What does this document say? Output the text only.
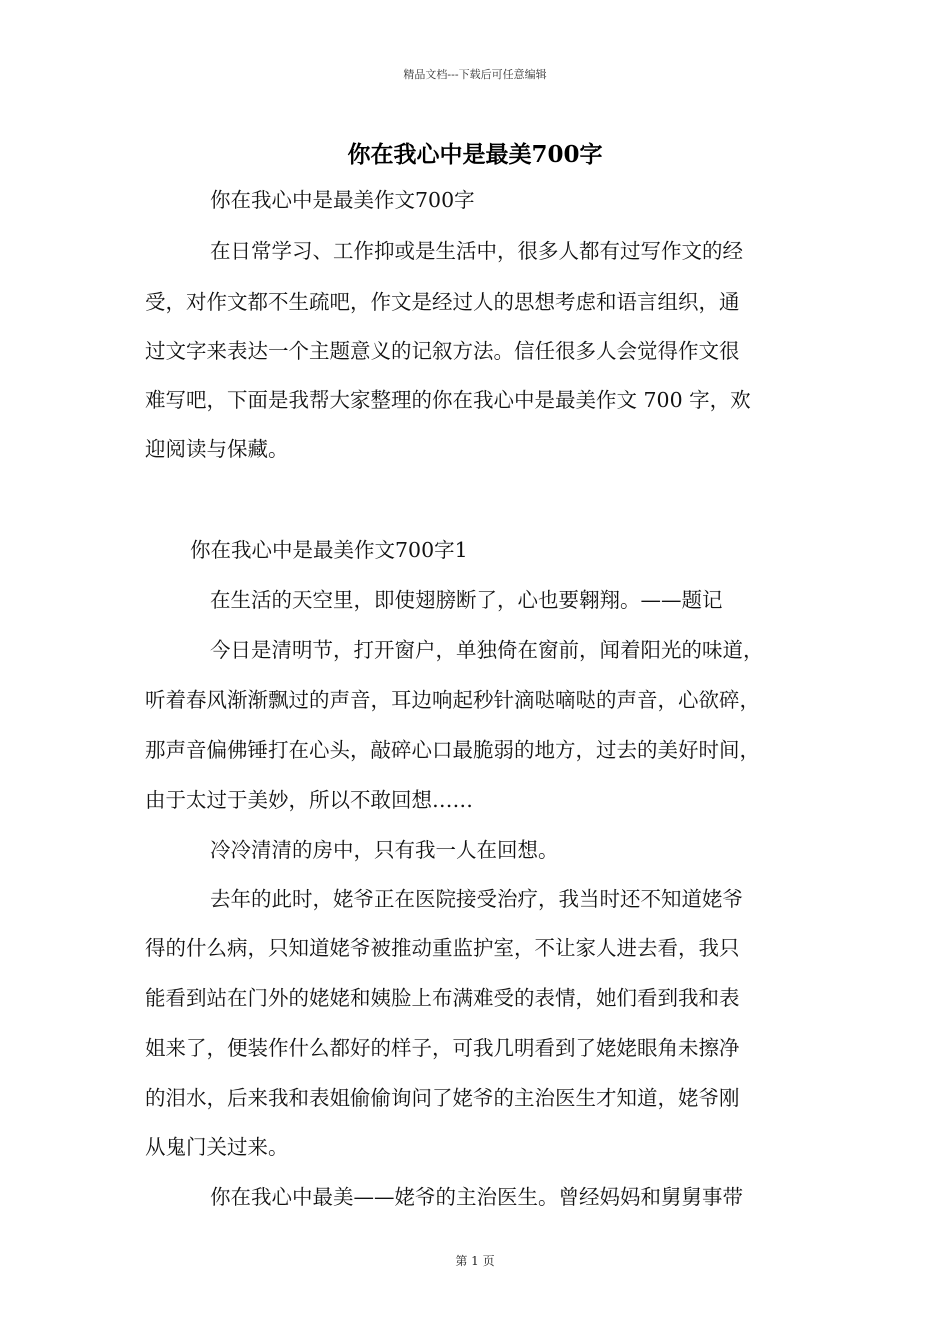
精品文档---下载后可任意编辑
你在我心中是最美700字
你在我心中是最美作文700字
在日常学习、工作抑或是生活中，很多人都有过写作文的经
受，对作文都不生疏吧，作文是经过人的思想考虑和语言组织，通
过文字来表达一个主题意义的记叙方法。信任很多人会觉得作文很
难写吧，下面是我帮大家整理的你在我心中是最美作文 700 字，欢
迎阅读与保藏。
你在我心中是最美作文700字1
在生活的天空里，即使翅膀断了，心也要翱翔。——题记
今日是清明节，打开窗户，单独倚在窗前，闻着阳光的味道，
听着春风渐渐飘过的声音，耳边响起秒针滴哒嘀哒的声音，心欲碎，
那声音偏佛锤打在心头，敲碎心口最脆弱的地方，过去的美好时间，
由于太过于美妙，所以不敢回想……
冷冷清清的房中，只有我一人在回想。
去年的此时，姥爷正在医院接受治疗，我当时还不知道姥爷
得的什么病，只知道姥爷被推动重监护室，不让家人进去看，我只
能看到站在门外的姥姥和姨脸上布满难受的表情，她们看到我和表
姐来了，便装作什么都好的样子，可我几明看到了姥姥眼角未擦净
的泪水，后来我和表姐偷偷询问了姥爷的主治医生才知道，姥爷刚
从鬼门关过来。
你在我心中最美——姥爷的主治医生。曾经妈妈和舅舅事带
第 1 页
